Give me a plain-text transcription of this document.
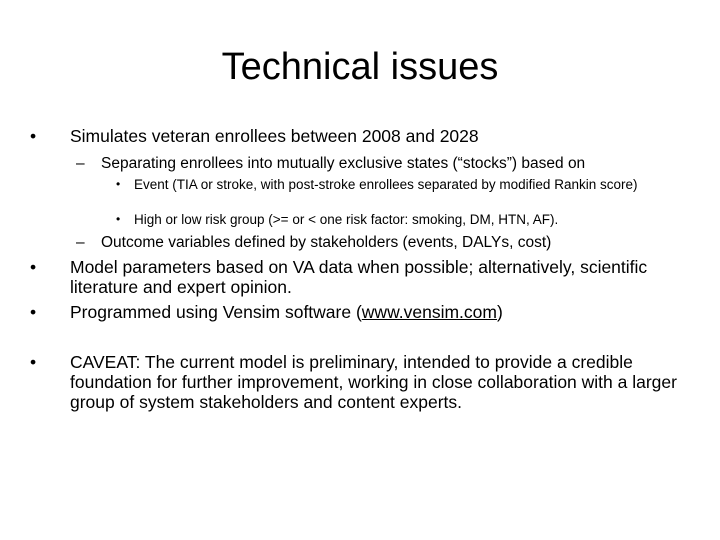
Technical issues
•	Simulates veteran enrollees between 2008 and 2028
–	Separating enrollees into mutually exclusive states (“stocks”) based on
•	Event (TIA or stroke, with post-stroke enrollees separated by modified Rankin score)
•	High or low risk group (>= or < one risk factor: smoking, DM, HTN, AF).
–	Outcome variables defined by stakeholders (events, DALYs, cost)
•	Model parameters based on VA data when possible; alternatively, scientific literature and expert opinion.
•	Programmed using Vensim software (www.vensim.com)
•	CAVEAT: The current model is preliminary, intended to provide a credible foundation for further improvement, working in close collaboration with a larger group of system stakeholders and content experts.
